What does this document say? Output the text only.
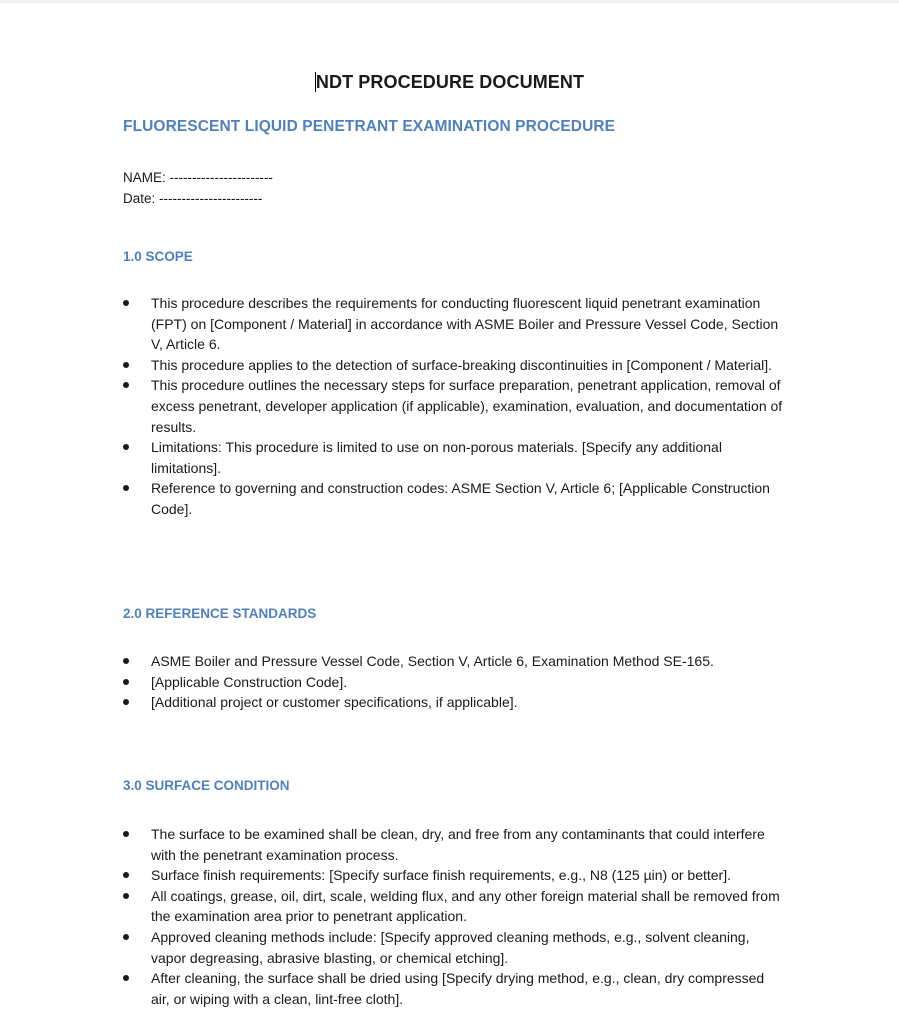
NDT PROCEDURE DOCUMENT
FLUORESCENT LIQUID PENETRANT EXAMINATION PROCEDURE
NAME: -----------------------
Date: -----------------------
1.0 SCOPE
This procedure describes the requirements for conducting fluorescent liquid penetrant examination (FPT) on [Component / Material] in accordance with ASME Boiler and Pressure Vessel Code, Section V, Article 6.
This procedure applies to the detection of surface-breaking discontinuities in [Component / Material].
This procedure outlines the necessary steps for surface preparation, penetrant application, removal of excess penetrant, developer application (if applicable), examination, evaluation, and documentation of results.
Limitations: This procedure is limited to use on non-porous materials. [Specify any additional limitations].
Reference to governing and construction codes: ASME Section V, Article 6; [Applicable Construction Code].
2.0 REFERENCE STANDARDS
ASME Boiler and Pressure Vessel Code, Section V, Article 6, Examination Method SE-165.
[Applicable Construction Code].
[Additional project or customer specifications, if applicable].
3.0 SURFACE CONDITION
The surface to be examined shall be clean, dry, and free from any contaminants that could interfere with the penetrant examination process.
Surface finish requirements: [Specify surface finish requirements, e.g., N8 (125 µin) or better].
All coatings, grease, oil, dirt, scale, welding flux, and any other foreign material shall be removed from the examination area prior to penetrant application.
Approved cleaning methods include: [Specify approved cleaning methods, e.g., solvent cleaning, vapor degreasing, abrasive blasting, or chemical etching].
After cleaning, the surface shall be dried using [Specify drying method, e.g., clean, dry compressed air, or wiping with a clean, lint-free cloth].
